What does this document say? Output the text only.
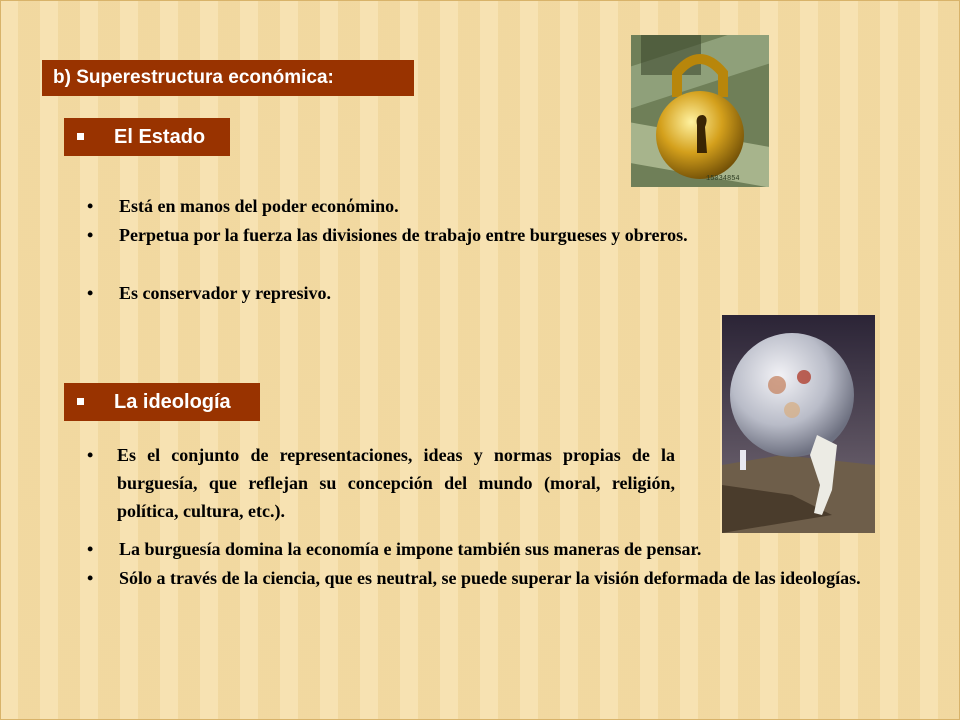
b) Superestructura económica:
15034854
El Estado
• Está en manos del poder econόmino.
• Perpetua por la fuerza las divisiones de trabajo entre burgueses y obreros.
• Es conservador y represivo.
La ideología
• Es el conjunto de representaciones, ideas y normas propias de la burguesía, que reflejan su concepción del mundo (moral, religión, política, cultura, etc.).
• La burguesía domina la economía e impone también sus maneras de pensar.
• Sólo a través de la ciencia, que es neutral, se puede superar la visión deformada de las ideologías.
